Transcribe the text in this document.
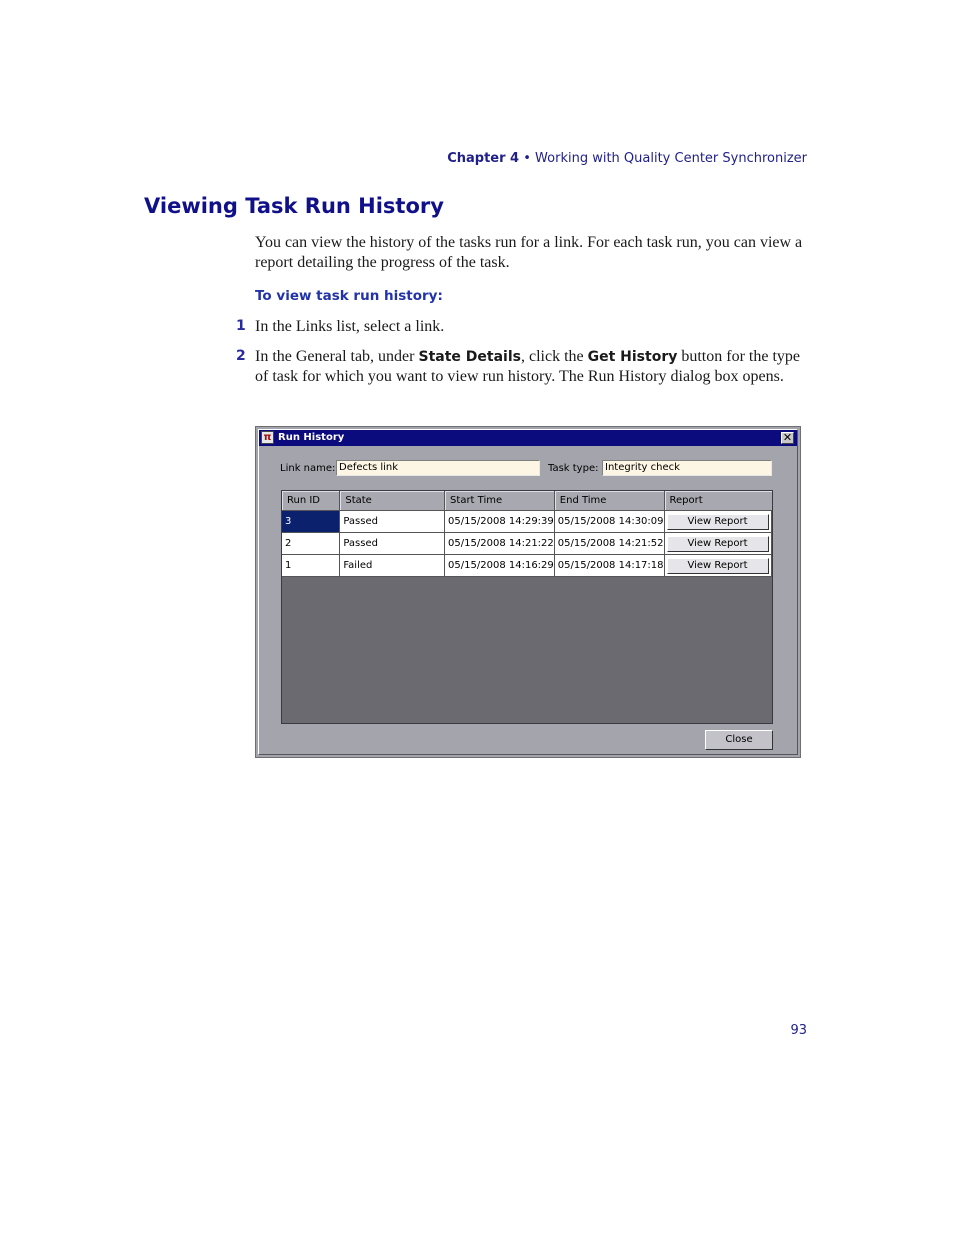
Chapter 4 • Working with Quality Center Synchronizer
Viewing Task Run History

You can view the history of the tasks run for a link. For each task run, you can view a report detailing the progress of the task.

To view task run history:
1 In the Links list, select a link.

2 In the General tab, under State Details, click the Get History button for the type of task for which you want to view run history. The Run History dialog box opens.

π Run History	✕
Link name: Defects link	Task type: Integrity check
Run ID	State	Start Time	End Time	Report
3	Passed	05/15/2008 14:29:39	05/15/2008 14:30:09	View Report

2	Passed	05/15/2008 14:21:22	05/15/2008 14:21:52	View Report

1	Failed	05/15/2008 14:16:29	05/15/2008 14:17:18	View Report
Close
93
